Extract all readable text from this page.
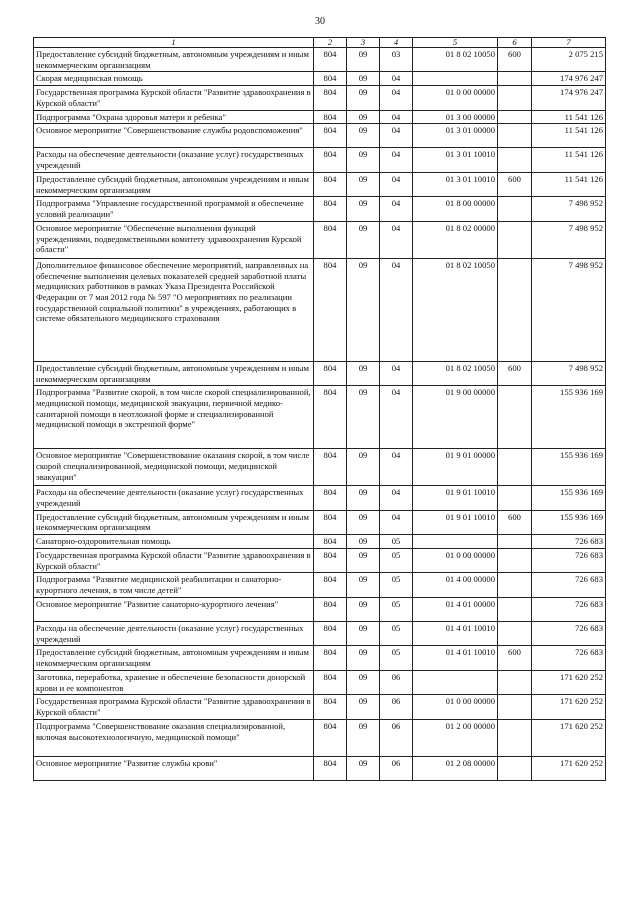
30
1	2	3	4	5	6	7
Предоставление субсидий бюджетным, автономным учреждениям и иным некоммерческим организациям	804	09	03	01 8 02 10050	600	2 075 215
Скорая медицинская помощь	804	09	04			174 976 247
Государственная программа Курской области "Развитие здравоохранения в Курской области"	804	09	04	01 0 00 00000		174 976 247
Подпрограмма "Охрана здоровья матери и ребенка"	804	09	04	01 3 00 00000		11 541 126
Основное мероприятие "Совершенствование службы родовспоможения"	804	09	04	01 3 01 00000		11 541 126
Расходы на обеспечение деятельности (оказание услуг) государственных учреждений	804	09	04	01 3 01 10010		11 541 126
Предоставление субсидий бюджетным, автономным учреждениям и иным некоммерческим организациям	804	09	04	01 3 01 10010	600	11 541 126
Подпрограмма "Управление государственной программой и обеспечение условий реализации"	804	09	04	01 8 00 00000		7 498 952
Основное мероприятие "Обеспечение выполнения функций учреждениями, подведомственными комитету здравоохранения Курской области"	804	09	04	01 8 02 00000		7 498 952
Дополнительное финансовое обеспечение мероприятий, направленных на обеспечение выполнения целевых показателей средней заработной платы медицинских работников в рамках Указа Президента Российской Федерации от 7 мая 2012 года № 597 "О мероприятиях по реализации государственной социальной политики" в учреждениях, работающих в системе обязательного медицинского страхования	804	09	04	01 8 02 10050		7 498 952
Предоставление субсидий бюджетным, автономным учреждениям и иным некоммерческим организациям	804	09	04	01 8 02 10050	600	7 498 952
Подпрограмма "Развитие скорой, в том числе скорой специализированной, медицинской помощи, медицинской эвакуации, первичной медико-санитарной помощи в неотложной форме и специализированной медицинской помощи в экстренной форме"	804	09	04	01 9 00 00000		155 936 169
Основное мероприятие "Совершенствование оказания скорой, в том числе скорой специализированной, медицинской помощи, медицинской эвакуации"	804	09	04	01 9 01 00000		155 936 169
Расходы на обеспечение деятельности (оказание услуг) государственных учреждений	804	09	04	01 9 01 10010		155 936 169
Предоставление субсидий бюджетным, автономным учреждениям и иным некоммерческим организациям	804	09	04	01 9 01 10010	600	155 936 169
Санаторно-оздоровительная помощь	804	09	05			726 683
Государственная программа Курской области "Развитие здравоохранения в Курской области"	804	09	05	01 0 00 00000		726 683
Подпрограмма "Развитие медицинской реабилитации и санаторно-курортного лечения, в том числе детей"	804	09	05	01 4 00 00000		726 683
Основное мероприятие "Развитие санаторно-курортного лечения"	804	09	05	01 4 01 00000		726 683
Расходы на обеспечение деятельности (оказание услуг) государственных учреждений	804	09	05	01 4 01 10010		726 683
Предоставление субсидий бюджетным, автономным учреждениям и иным некоммерческим организациям	804	09	05	01 4 01 10010	600	726 683
Заготовка, переработка, хранение и обеспечение безопасности донорской крови и ее компонентов	804	09	06			171 620 252
Государственная программа Курской области "Развитие здравоохранения в Курской области"	804	09	06	01 0 00 00000		171 620 252
Подпрограмма "Совершенствование оказания специализированной, включая высокотехнологичную, медицинской помощи"	804	09	06	01 2 00 00000		171 620 252
Основное мероприятие "Развитие службы крови"	804	09	06	01 2 08 00000		171 620 252
